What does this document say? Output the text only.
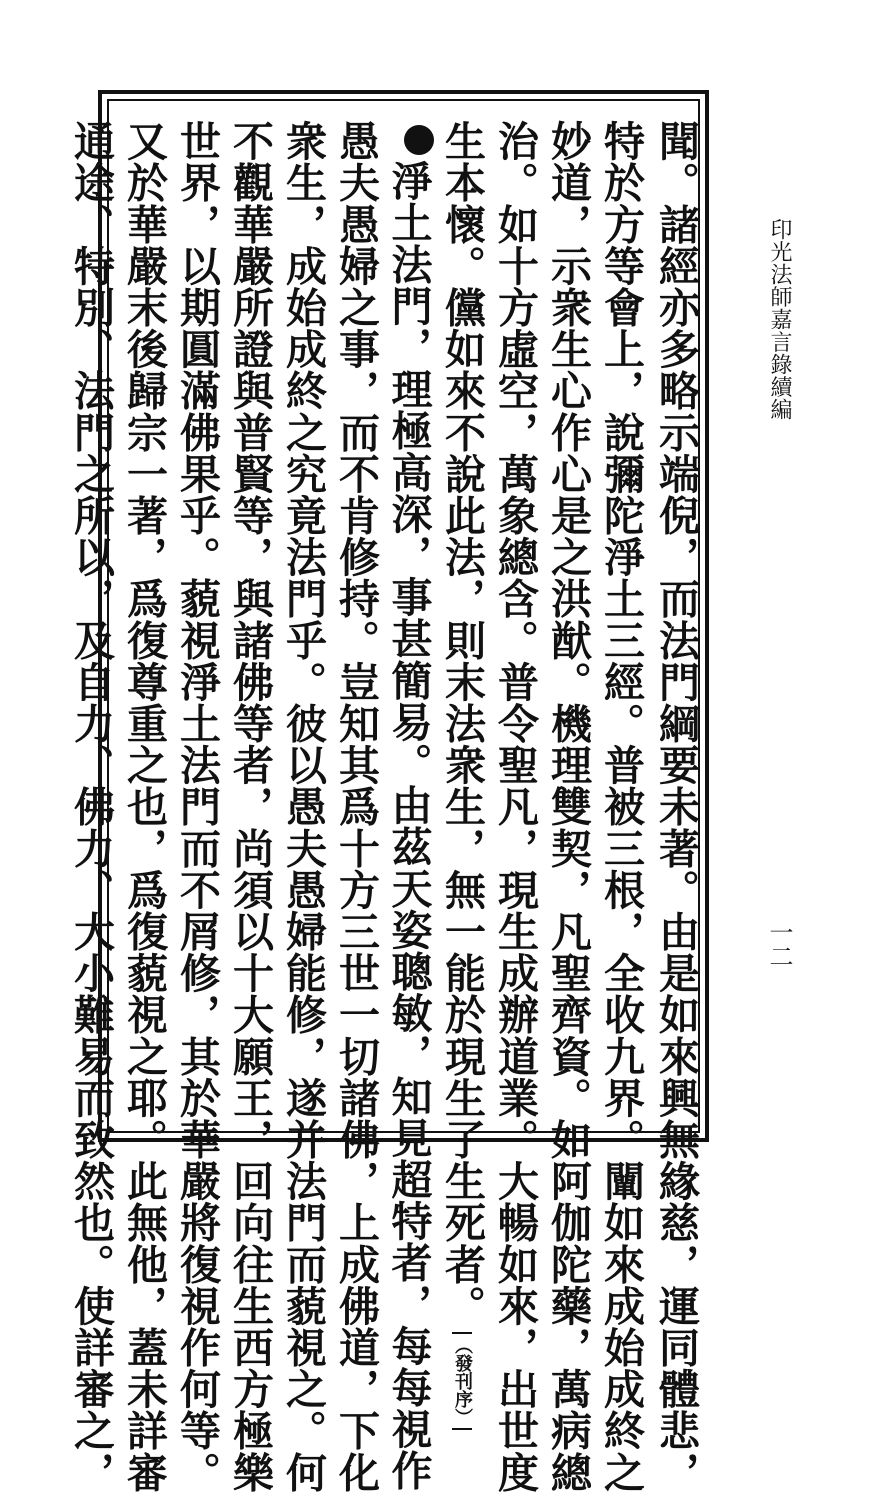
印光法師嘉言錄續編
聞。諸經亦多略示端倪，而法門綱要未著。由是如來興無緣慈，運同體悲，
特於方等會上，說彌陀淨土三經。普被三根，全收九界。闡如來成始成終之
妙道，示衆生心作心是之洪猷。機理雙契，凡聖齊資。如阿伽陀藥，萬病總
治。如十方虛空，萬象總含。普令聖凡，現生成辦道業。大暢如來，出世度
生本懷。儻如來不說此法，則末法衆生，無一能於現生了生死者。（發刊序）
淨土法門，理極高深，事甚簡易。由茲天姿聰敏，知見超特者，每每視作
愚夫愚婦之事，而不肯修持。豈知其爲十方三世一切諸佛，上成佛道，下化
衆生，成始成終之究竟法門乎。彼以愚夫愚婦能修，遂并法門而藐視之。何
不觀華嚴所證與普賢等，與諸佛等者，尚須以十大願王，回向往生西方極樂
世界，以期圓滿佛果乎。藐視淨土法門而不屑修，其於華嚴將復視作何等。
又於華嚴末後歸宗一著，爲復尊重之也，爲復藐視之耶。此無他，蓋未詳審
通途、特別、法門之所以，及自力、佛力、大小難易而致然也。使詳審之，	一二
